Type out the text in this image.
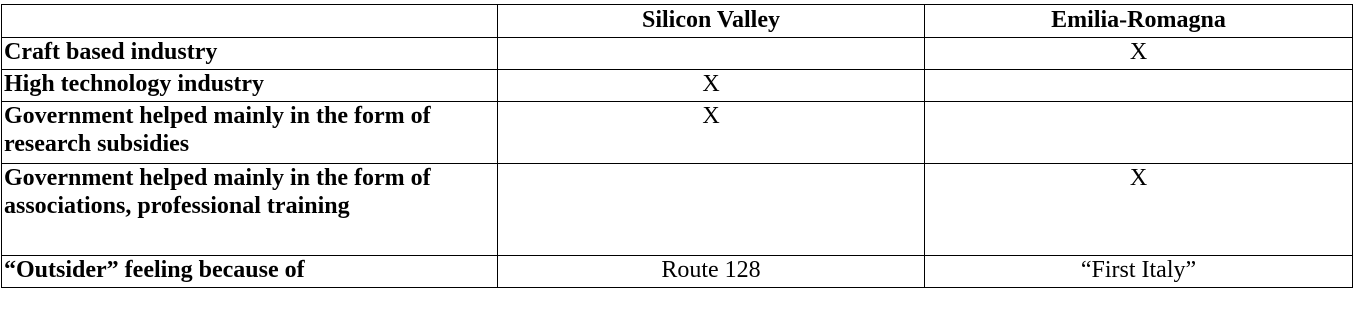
	Silicon Valley	Emilia-Romagna
Craft based industry		X
High technology industry	X	
Government helped mainly in the form of research subsidies	X	
Government helped mainly in the form of associations, professional training		X
“Outsider” feeling because of	Route 128	“First Italy”
